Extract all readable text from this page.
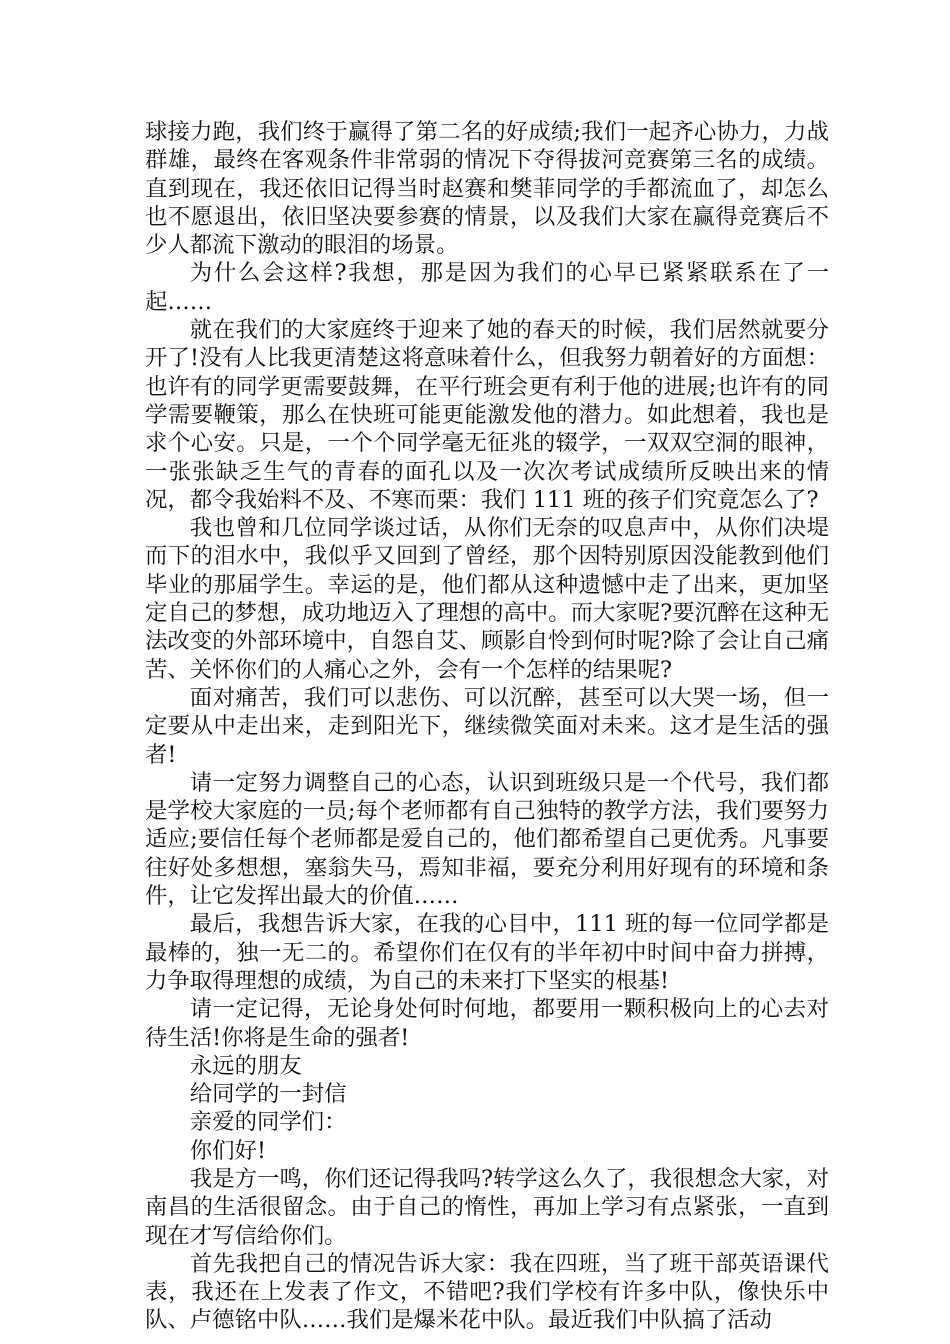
球接力跑，我们终于赢得了第二名的好成绩;我们一起齐心协力，力战群雄，最终在客观条件非常弱的情况下夺得拔河竞赛第三名的成绩。直到现在，我还依旧记得当时赵赛和樊菲同学的手都流血了，却怎么也不愿退出，依旧坚决要参赛的情景，以及我们大家在赢得竞赛后不少人都流下激动的眼泪的场景。

为什么会这样?我想，那是因为我们的心早已紧紧联系在了一起……

就在我们的大家庭终于迎来了她的春天的时候，我们居然就要分开了!没有人比我更清楚这将意味着什么，但我努力朝着好的方面想：也许有的同学更需要鼓舞，在平行班会更有利于他的进展;也许有的同学需要鞭策，那么在快班可能更能激发他的潜力。如此想着，我也是求个心安。只是，一个个同学毫无征兆的辍学，一双双空洞的眼神，一张张缺乏生气的青春的面孔以及一次次考试成绩所反映出来的情况，都令我始料不及、不寒而栗：我们 111 班的孩子们究竟怎么了?

我也曾和几位同学谈过话，从你们无奈的叹息声中，从你们决堤而下的泪水中，我似乎又回到了曾经，那个因特别原因没能教到他们毕业的那届学生。幸运的是，他们都从这种遗憾中走了出来，更加坚定自己的梦想，成功地迈入了理想的高中。而大家呢?要沉醉在这种无法改变的外部环境中，自怨自艾、顾影自怜到何时呢?除了会让自己痛苦、关怀你们的人痛心之外，会有一个怎样的结果呢?

面对痛苦，我们可以悲伤、可以沉醉，甚至可以大哭一场，但一定要从中走出来，走到阳光下，继续微笑面对未来。这才是生活的强者!

请一定努力调整自己的心态，认识到班级只是一个代号，我们都是学校大家庭的一员;每个老师都有自己独特的教学方法，我们要努力适应;要信任每个老师都是爱自己的，他们都希望自己更优秀。凡事要往好处多想想，塞翁失马，焉知非福，要充分利用好现有的环境和条件，让它发挥出最大的价值……

最后，我想告诉大家，在我的心目中，111 班的每一位同学都是最棒的，独一无二的。希望你们在仅有的半年初中时间中奋力拼搏，力争取得理想的成绩，为自己的未来打下坚实的根基!

请一定记得，无论身处何时何地，都要用一颗积极向上的心去对待生活!你将是生命的强者!

永远的朋友

给同学的一封信

亲爱的同学们：

你们好!

我是方一鸣，你们还记得我吗?转学这么久了，我很想念大家，对南昌的生活很留念。由于自己的惰性，再加上学习有点紧张，一直到现在才写信给你们。

首先我把自己的情况告诉大家：我在四班，当了班干部英语课代表，我还在上发表了作文，不错吧?我们学校有许多中队，像快乐中队、卢德铭中队……我们是爆米花中队。最近我们中队搞了活动
